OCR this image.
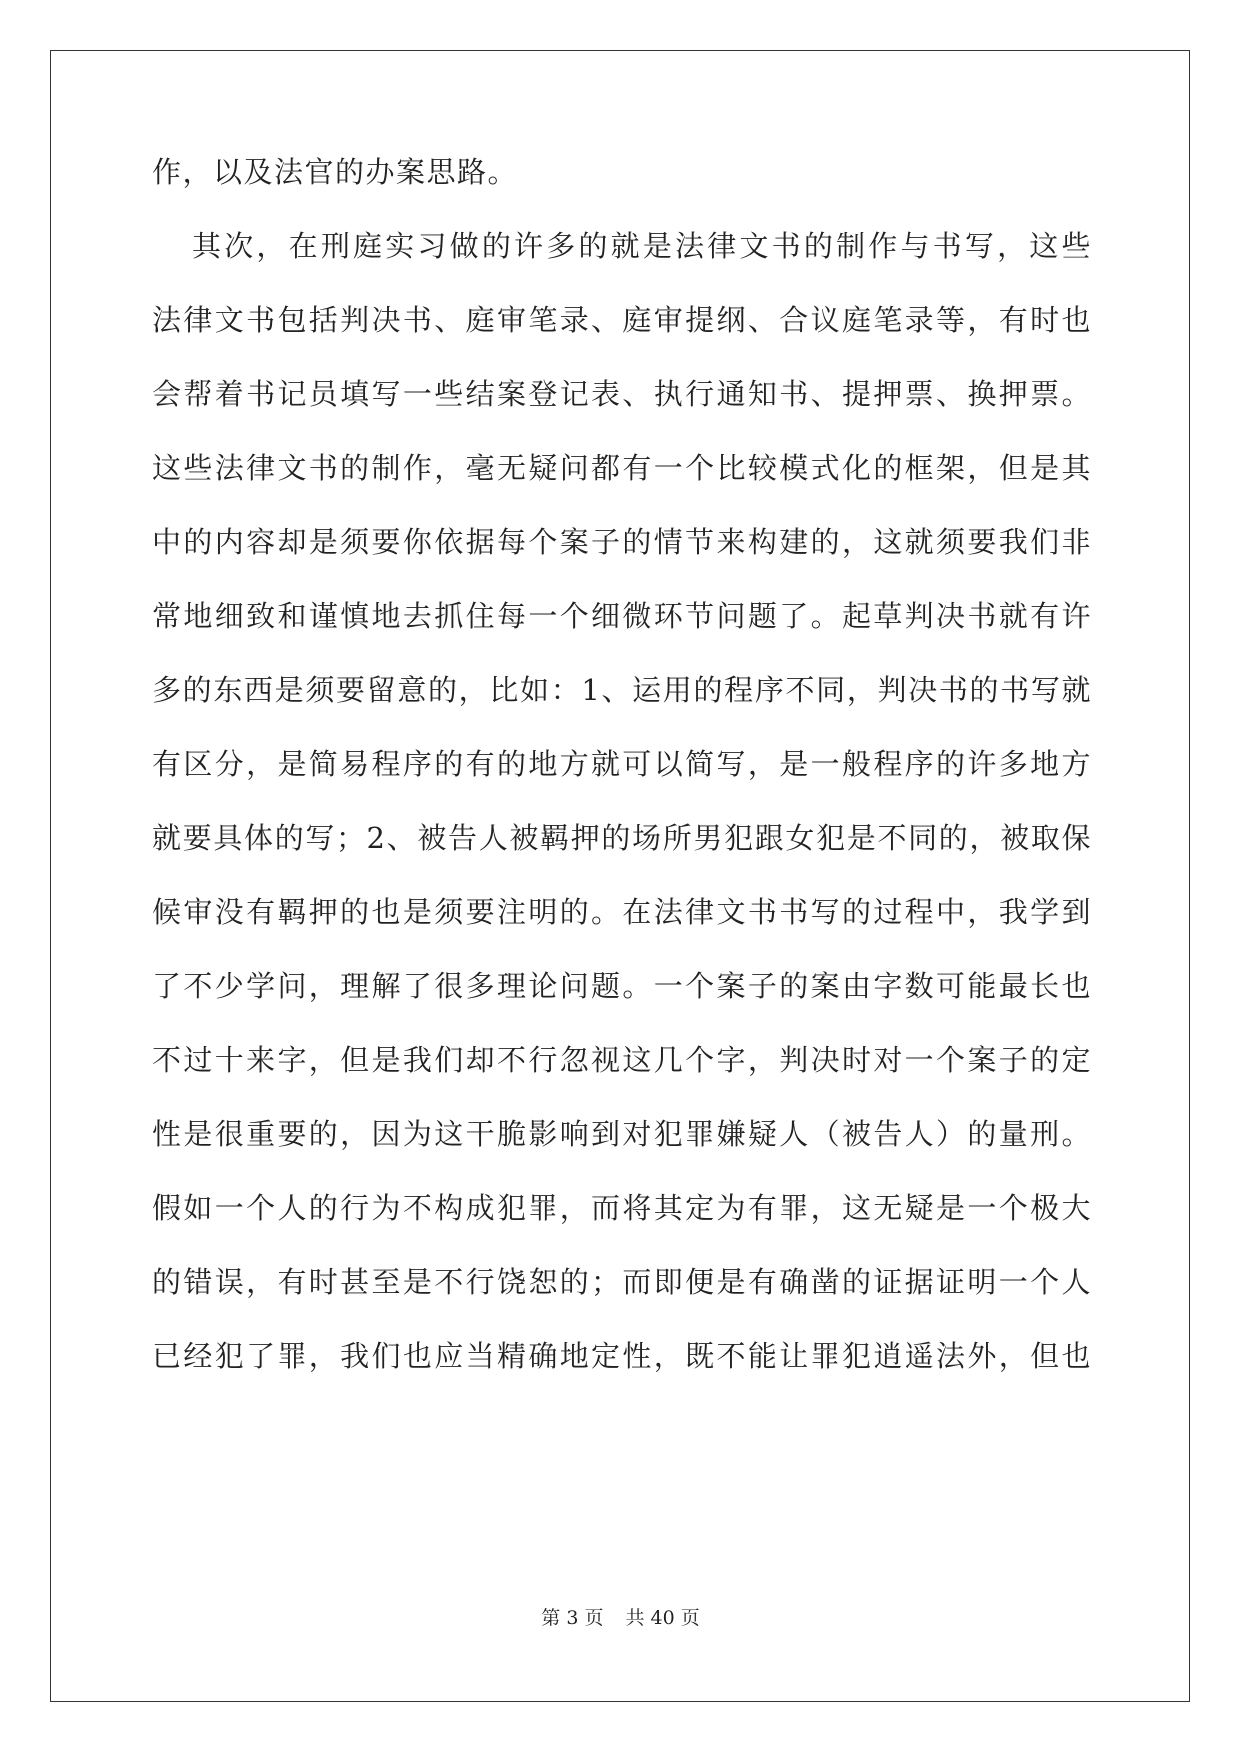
作，以及法官的办案思路。
其次，在刑庭实习做的许多的就是法律文书的制作与书写，这些
法律文书包括判决书、庭审笔录、庭审提纲、合议庭笔录等，有时也
会帮着书记员填写一些结案登记表、执行通知书、提押票、换押票。
这些法律文书的制作，毫无疑问都有一个比较模式化的框架，但是其
中的内容却是须要你依据每个案子的情节来构建的，这就须要我们非
常地细致和谨慎地去抓住每一个细微环节问题了。起草判决书就有许
多的东西是须要留意的，比如：1、运用的程序不同，判决书的书写就
有区分，是简易程序的有的地方就可以简写，是一般程序的许多地方
就要具体的写；2、被告人被羁押的场所男犯跟女犯是不同的，被取保
候审没有羁押的也是须要注明的。在法律文书书写的过程中，我学到
了不少学问，理解了很多理论问题。一个案子的案由字数可能最长也
不过十来字，但是我们却不行忽视这几个字，判决时对一个案子的定
性是很重要的，因为这干脆影响到对犯罪嫌疑人（被告人）的量刑。
假如一个人的行为不构成犯罪，而将其定为有罪，这无疑是一个极大
的错误，有时甚至是不行饶恕的；而即便是有确凿的证据证明一个人
已经犯了罪，我们也应当精确地定性，既不能让罪犯逍遥法外，但也
第 3 页 共 40 页
